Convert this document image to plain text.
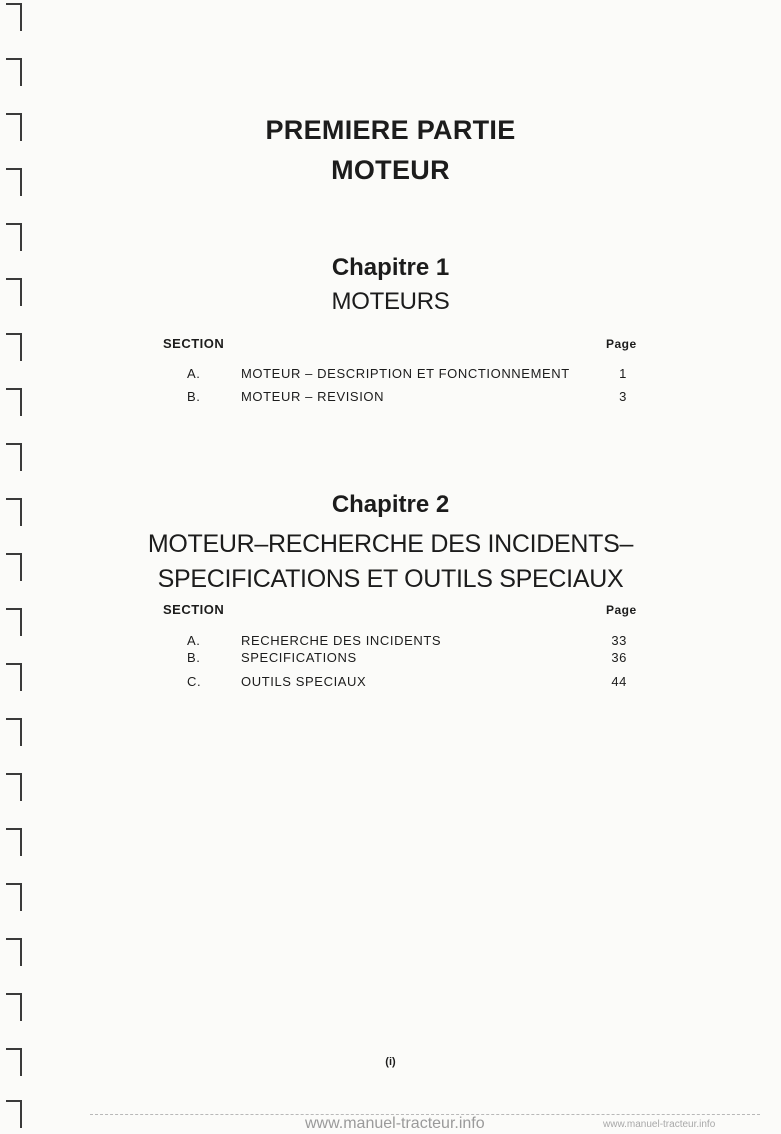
PREMIERE PARTIE
MOTEUR
Chapitre 1
MOTEURS
SECTION	Page
A.	MOTEUR – DESCRIPTION ET FONCTIONNEMENT	1
B.	MOTEUR – REVISION	3
Chapitre 2
MOTEUR–RECHERCHE DES INCIDENTS–
SPECIFICATIONS ET OUTILS SPECIAUX
SECTION	Page
A.	RECHERCHE DES INCIDENTS	33
B.	SPECIFICATIONS	36
C.	OUTILS SPECIAUX	44
(i)
www.manuel-tracteur.info	www.manuel-tracteur.info
